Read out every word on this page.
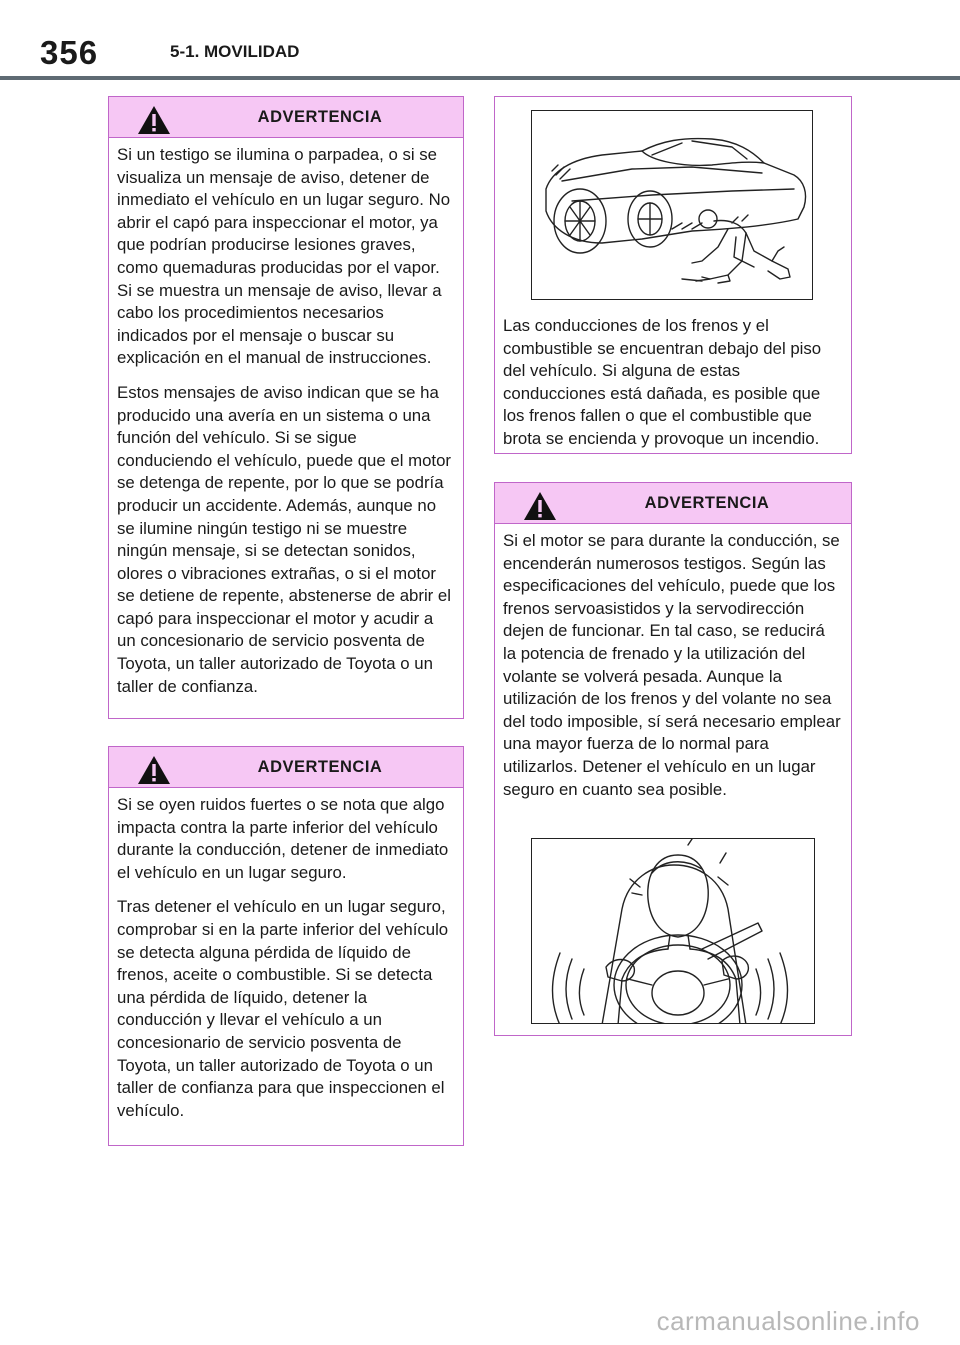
356	5-1. MOVILIDAD
ADVERTENCIA

Si un testigo se ilumina o parpadea, o si se visualiza un mensaje de aviso, detener de inmediato el vehículo en un lugar seguro. No abrir el capó para inspeccionar el motor, ya que podrían producirse lesiones graves, como quemaduras producidas por el vapor. Si se muestra un mensaje de aviso, llevar a cabo los procedimientos necesarios indicados por el mensaje o buscar su explicación en el manual de instrucciones.

Estos mensajes de aviso indican que se ha producido una avería en un sistema o una función del vehículo. Si se sigue conduciendo el vehículo, puede que el motor se detenga de repente, por lo que se podría producir un accidente. Además, aunque no se ilumine ningún testigo ni se muestre ningún mensaje, si se detectan sonidos, olores o vibraciones extrañas, o si el motor se detiene de repente, abstenerse de abrir el capó para inspeccionar el motor y acudir a un concesionario de servicio posventa de Toyota, un taller autorizado de Toyota o un taller de confianza.

ADVERTENCIA

Si se oyen ruidos fuertes o se nota que algo impacta contra la parte inferior del vehículo durante la conducción, detener de inmediato el vehículo en un lugar seguro.

Tras detener el vehículo en un lugar seguro, comprobar si en la parte inferior del vehículo se detecta alguna pérdida de líquido de frenos, aceite o combustible. Si se detecta una pérdida de líquido, detener la conducción y llevar el vehículo a un concesionario de servicio posventa de Toyota, un taller autorizado de Toyota o un taller de confianza para que inspeccionen el vehículo.

Las conducciones de los frenos y el combustible se encuentran debajo del piso del vehículo. Si alguna de estas conducciones está dañada, es posible que los frenos fallen o que el combustible que brota se encienda y provoque un incendio.
ADVERTENCIA

Si el motor se para durante la conducción, se encenderán numerosos testigos. Según las especificaciones del vehículo, puede que los frenos servoasistidos y la servodirección dejen de funcionar. En tal caso, se reducirá la potencia de frenado y la utilización del volante se volverá pesada. Aunque la utilización de los frenos y del volante no sea del todo imposible, sí será necesario emplear una mayor fuerza de lo normal para utilizarlos. Detener el vehículo en un lugar seguro en cuanto sea posible.

carmanualsonline.info
